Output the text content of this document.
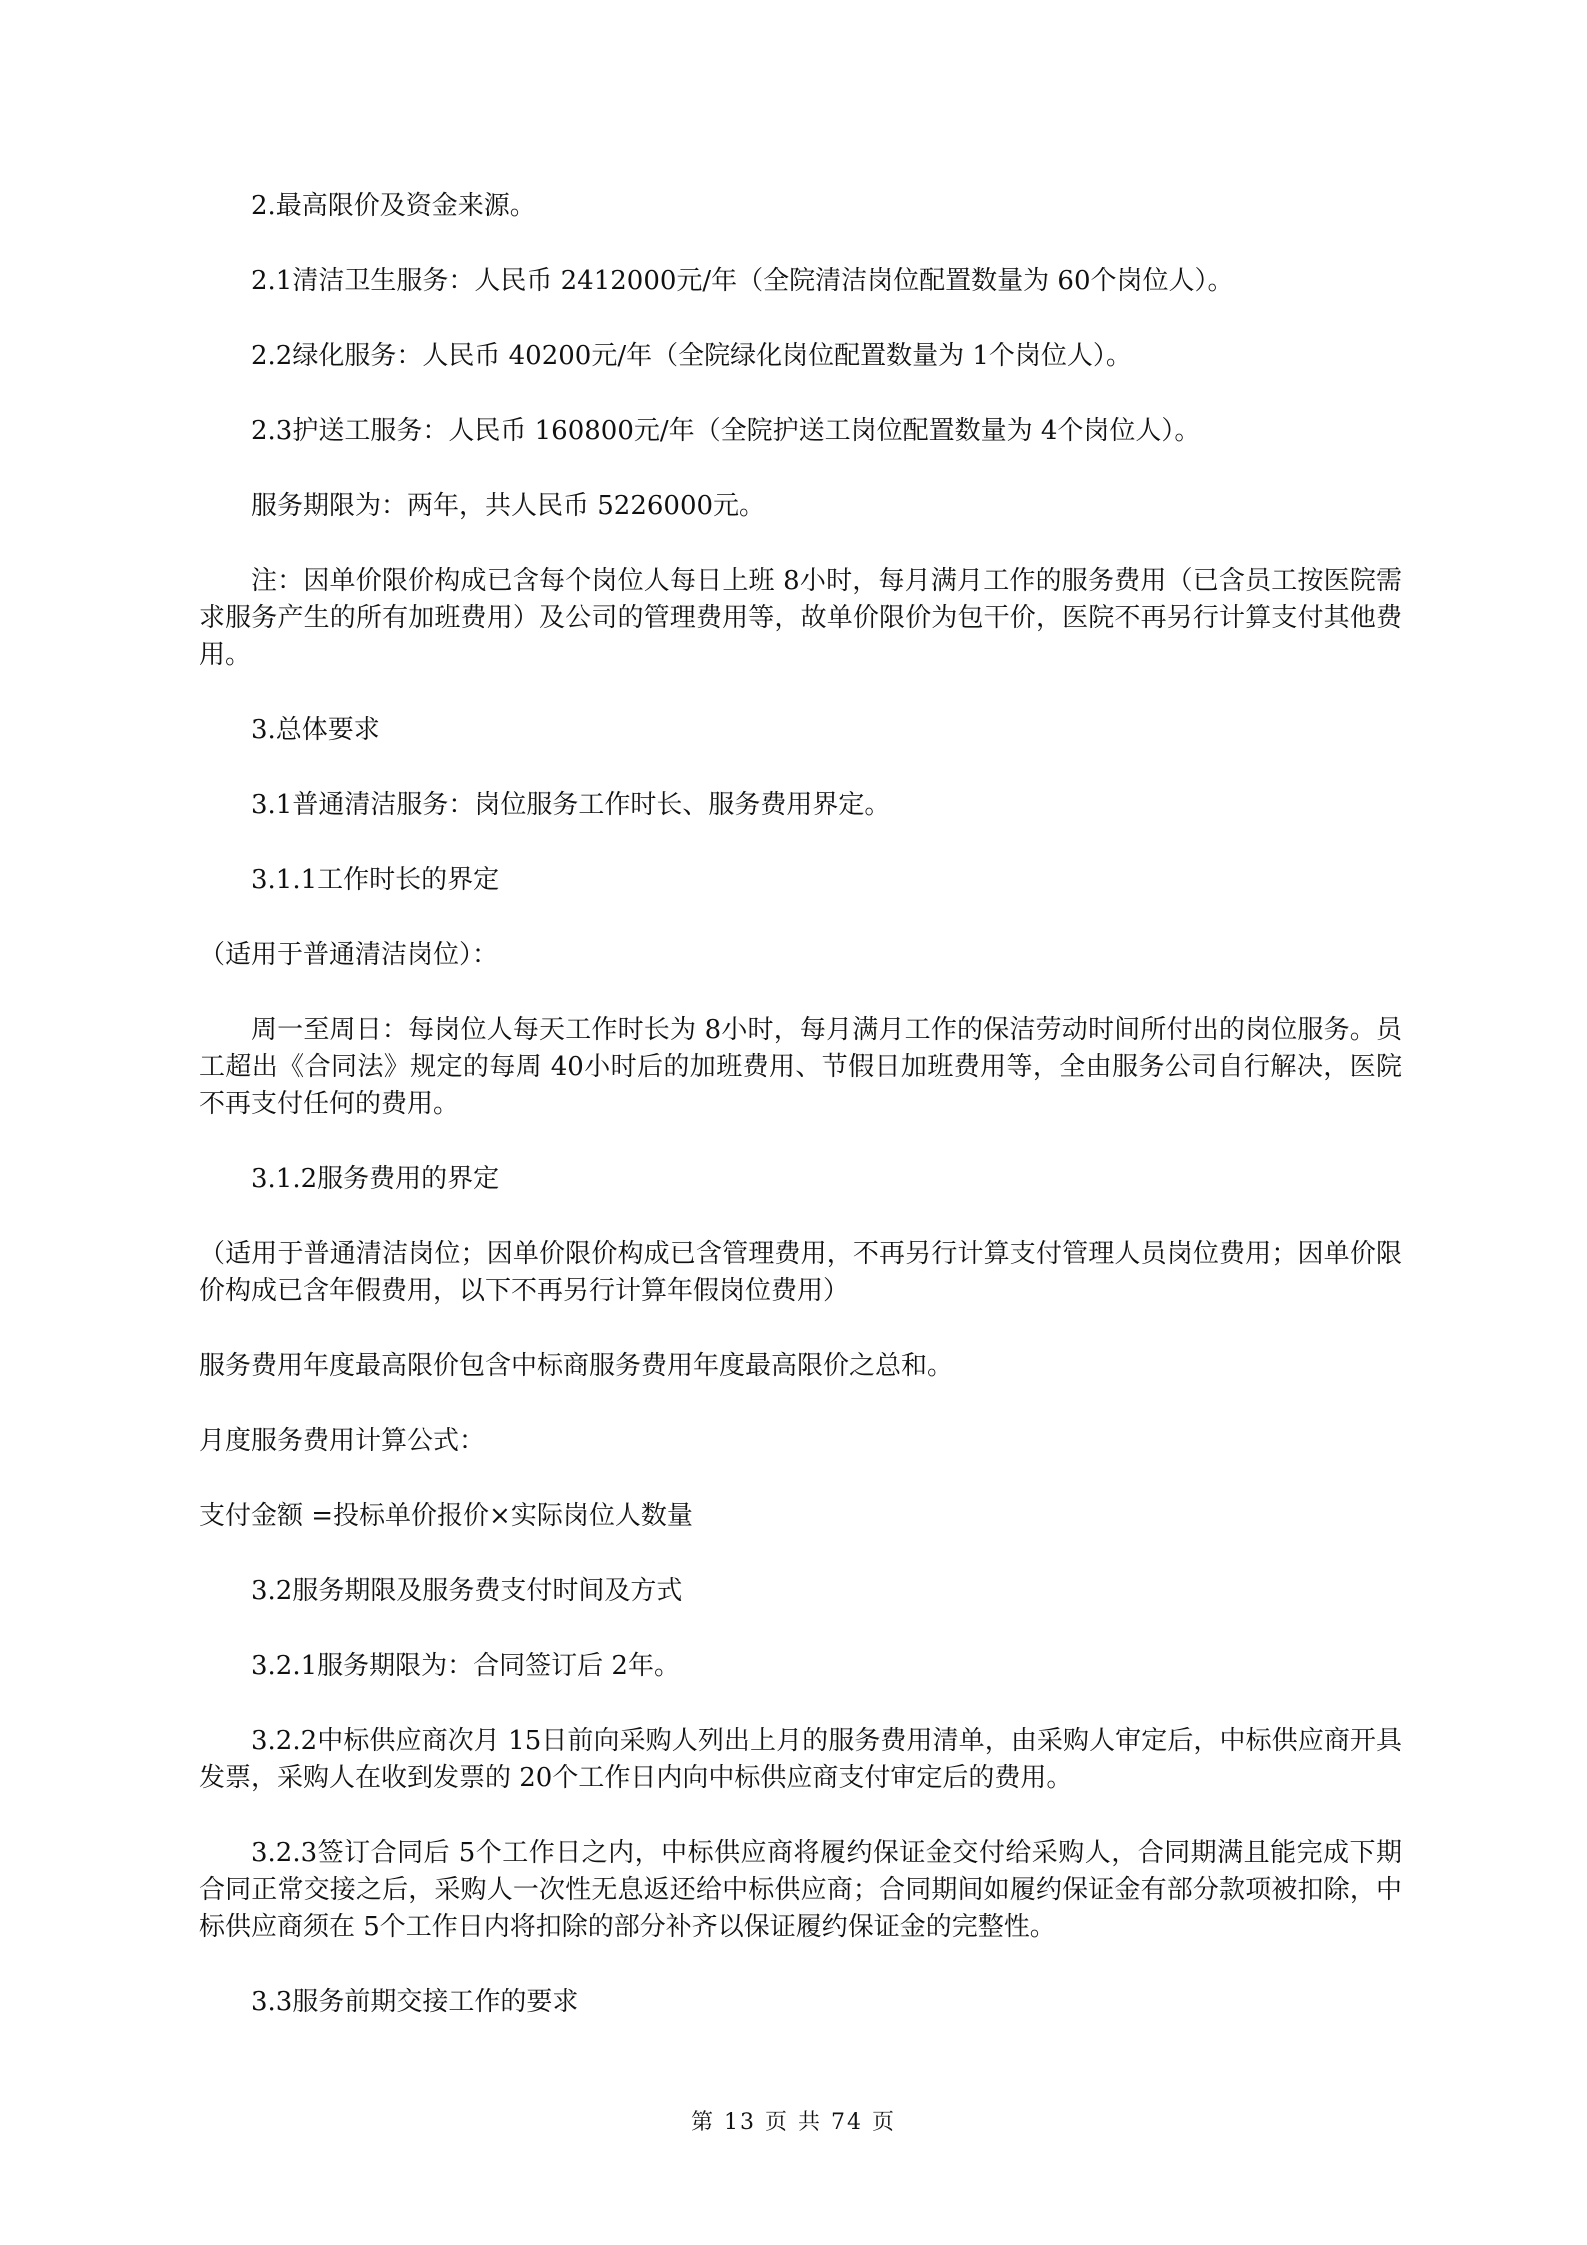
2.最高限价及资金来源。

2.1清洁卫生服务：人民币 2412000元/年（全院清洁岗位配置数量为 60个岗位人）。

2.2绿化服务：人民币 40200元/年（全院绿化岗位配置数量为 1个岗位人）。

2.3护送工服务：人民币 160800元/年（全院护送工岗位配置数量为 4个岗位人）。

服务期限为：两年，共人民币 5226000元。

注：因单价限价构成已含每个岗位人每日上班 8小时，每月满月工作的服务费用（已含员工按医院需求服务产生的所有加班费用）及公司的管理费用等，故单价限价为包干价，医院不再另行计算支付其他费用。

3.总体要求

3.1普通清洁服务：岗位服务工作时长、服务费用界定。

3.1.1工作时长的界定

（适用于普通清洁岗位）：

周一至周日：每岗位人每天工作时长为 8小时，每月满月工作的保洁劳动时间所付出的岗位服务。员工超出《合同法》规定的每周 40小时后的加班费用、节假日加班费用等，全由服务公司自行解决，医院不再支付任何的费用。

3.1.2服务费用的界定

（适用于普通清洁岗位；因单价限价构成已含管理费用，不再另行计算支付管理人员岗位费用；因单价限价构成已含年假费用，以下不再另行计算年假岗位费用）

服务费用年度最高限价包含中标商服务费用年度最高限价之总和。

月度服务费用计算公式：

支付金额 =投标单价报价×实际岗位人数量

3.2服务期限及服务费支付时间及方式

3.2.1服务期限为：合同签订后 2年。

3.2.2中标供应商次月 15日前向采购人列出上月的服务费用清单，由采购人审定后，中标供应商开具发票，采购人在收到发票的 20个工作日内向中标供应商支付审定后的费用。

3.2.3签订合同后 5个工作日之内，中标供应商将履约保证金交付给采购人，合同期满且能完成下期合同正常交接之后，采购人一次性无息返还给中标供应商；合同期间如履约保证金有部分款项被扣除，中标供应商须在 5个工作日内将扣除的部分补齐以保证履约保证金的完整性。

3.3服务前期交接工作的要求

第 13 页 共 74 页
